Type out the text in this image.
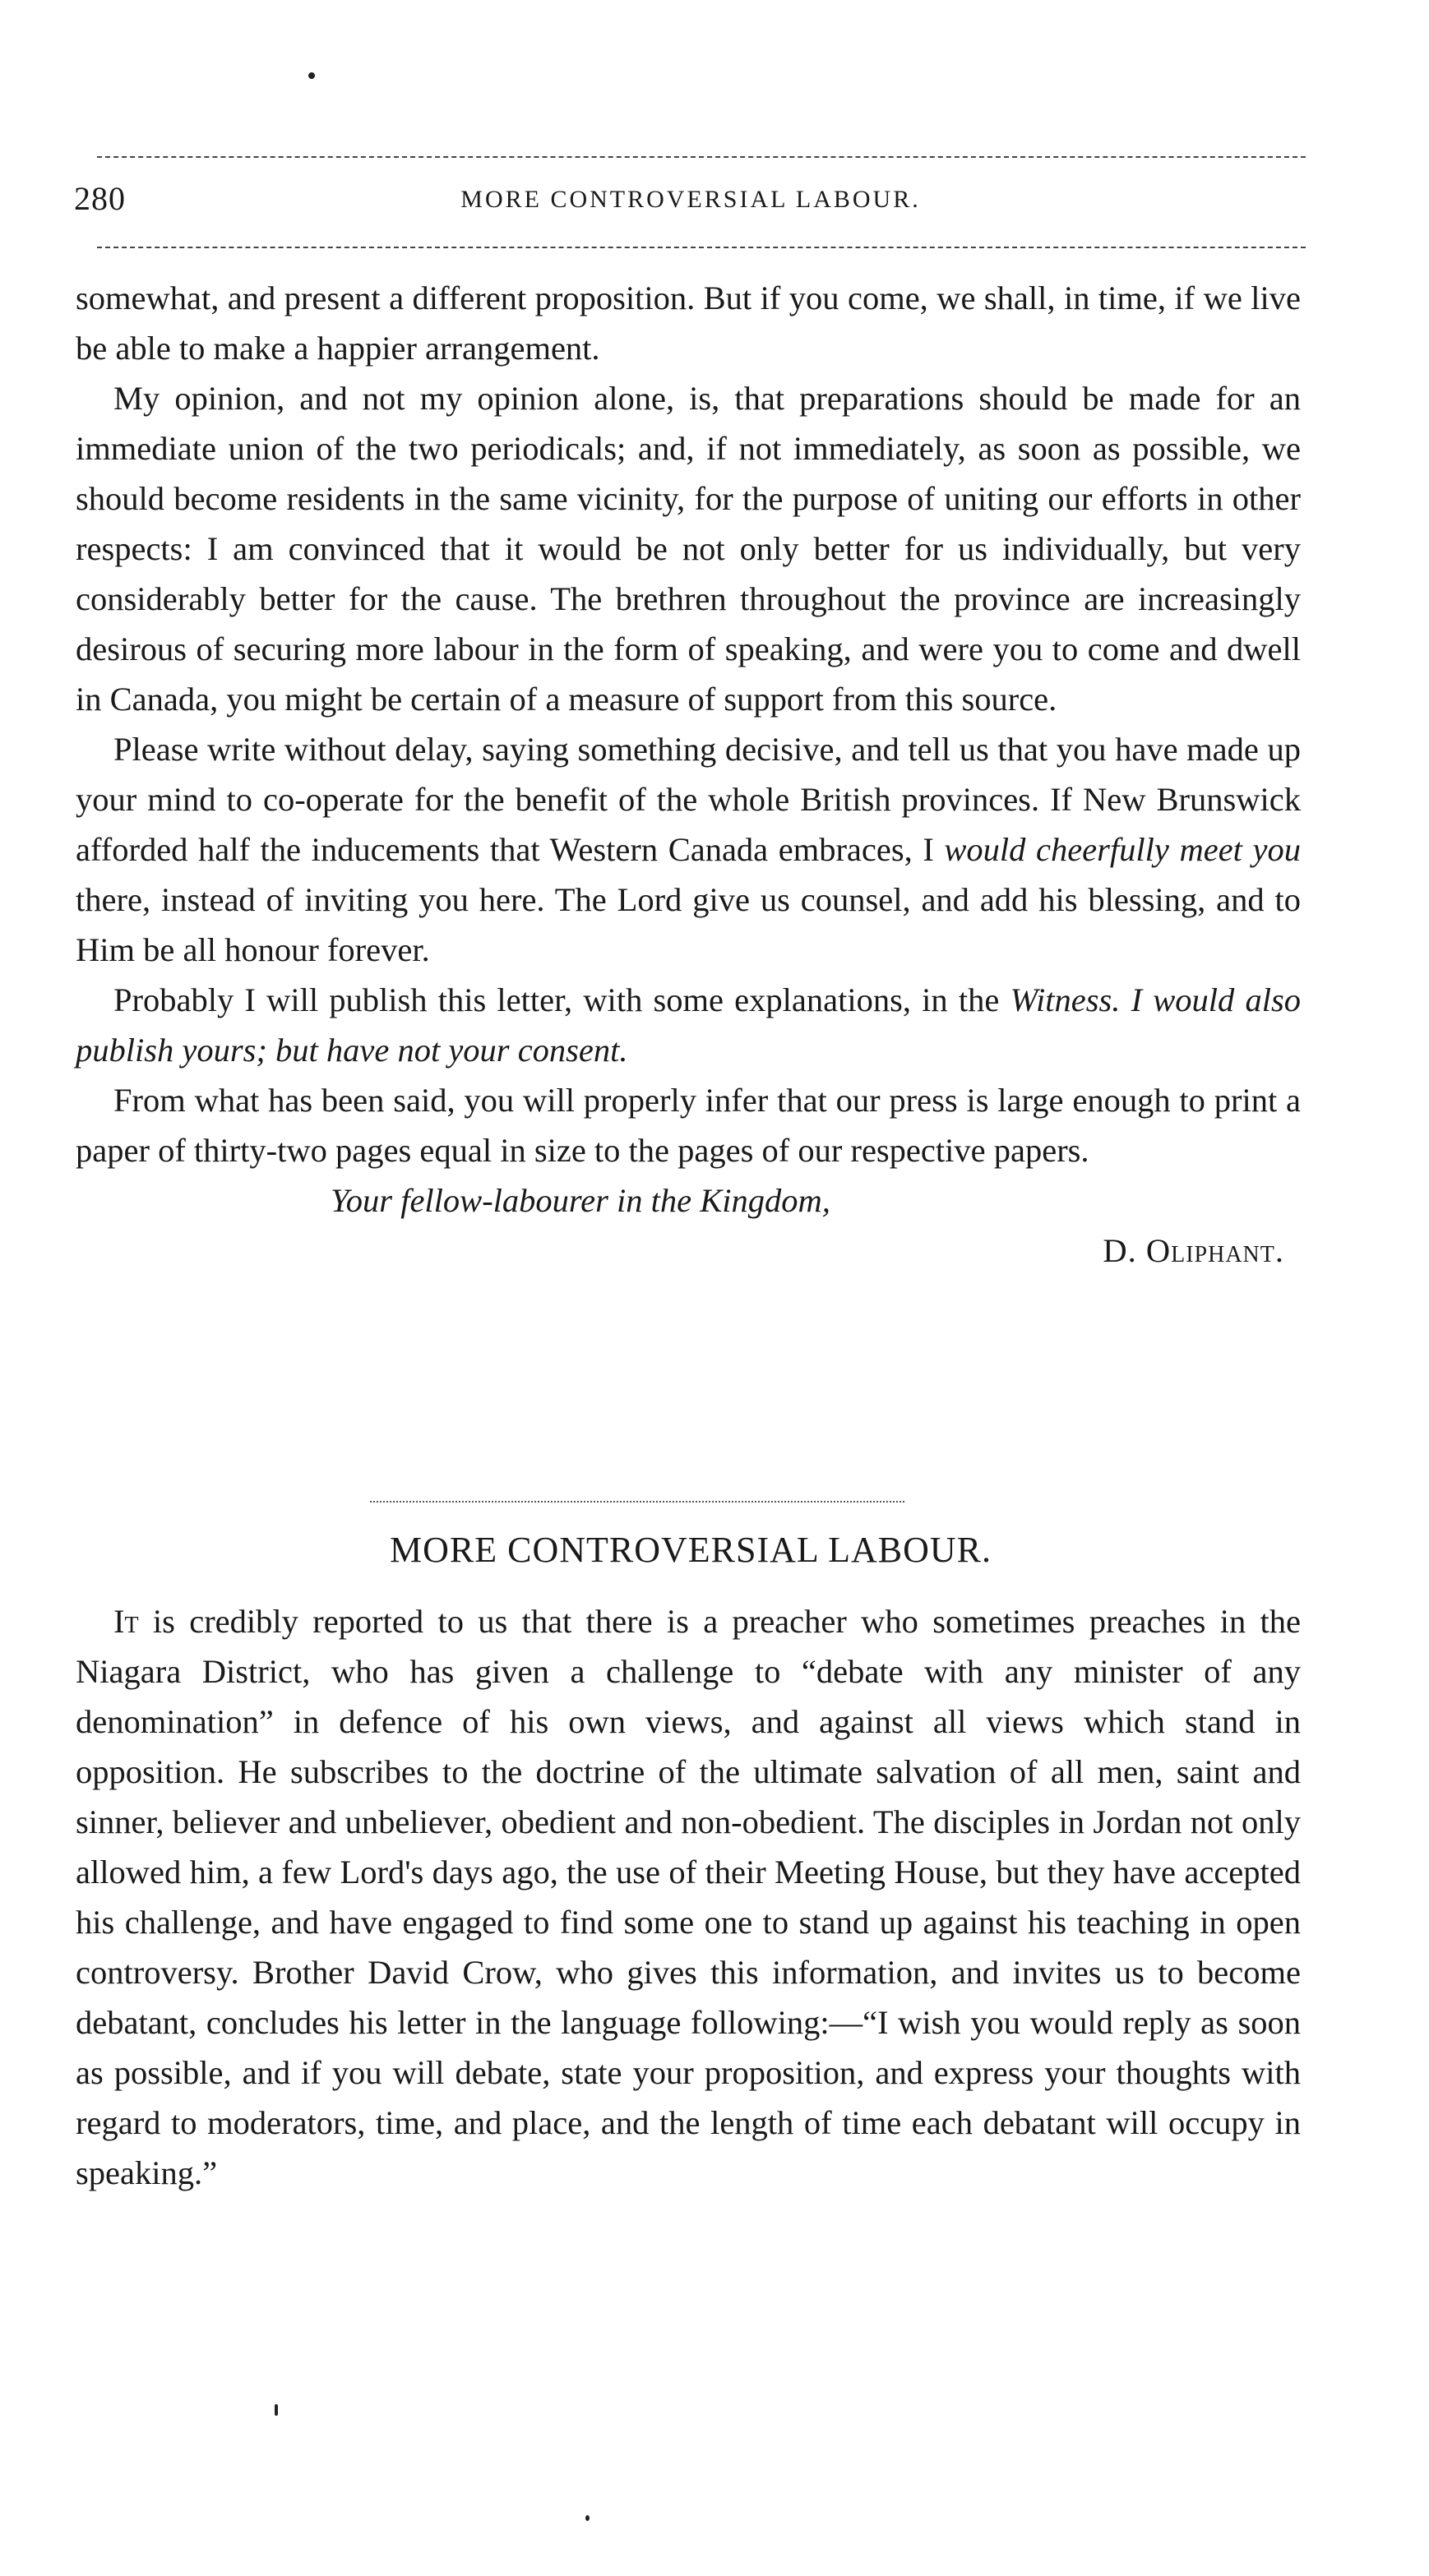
280	MORE CONTROVERSIAL LABOUR.

somewhat, and present a different proposition. But if you come, we shall, in time, if we live be able to make a happier arrangement.

My opinion, and not my opinion alone, is, that preparations should be made for an immediate union of the two periodicals; and, if not immediately, as soon as possible, we should become residents in the same vicinity, for the purpose of uniting our efforts in other respects: I am convinced that it would be not only better for us individually, but very considerably better for the cause. The brethren throughout the province are increasingly desirous of securing more labour in the form of speaking, and were you to come and dwell in Canada, you might be certain of a measure of support from this source.

Please write without delay, saying something decisive, and tell us that you have made up your mind to co-operate for the benefit of the whole British provinces. If New Brunswick afforded half the inducements that Western Canada embraces, I would cheerfully meet you there, instead of inviting you here. The Lord give us counsel, and add his blessing, and to Him be all honour forever.

Probably I will publish this letter, with some explanations, in the Witness. I would also publish yours; but have not your consent.

From what has been said, you will properly infer that our press is large enough to print a paper of thirty-two pages equal in size to the pages of our respective papers.

Your fellow-labourer in the Kingdom,

D. Oliphant.

MORE CONTROVERSIAL LABOUR.

It is credibly reported to us that there is a preacher who sometimes preaches in the Niagara District, who has given a challenge to “debate with any minister of any denomination” in defence of his own views, and against all views which stand in opposition. He subscribes to the doctrine of the ultimate salvation of all men, saint and sinner, believer and unbeliever, obedient and non-obedient. The disciples in Jordan not only allowed him, a few Lord's days ago, the use of their Meeting House, but they have accepted his challenge, and have engaged to find some one to stand up against his teaching in open controversy. Brother David Crow, who gives this information, and invites us to become debatant, concludes his letter in the language following:—“I wish you would reply as soon as possible, and if you will debate, state your proposition, and express your thoughts with regard to moderators, time, and place, and the length of time each debatant will occupy in speaking.”
